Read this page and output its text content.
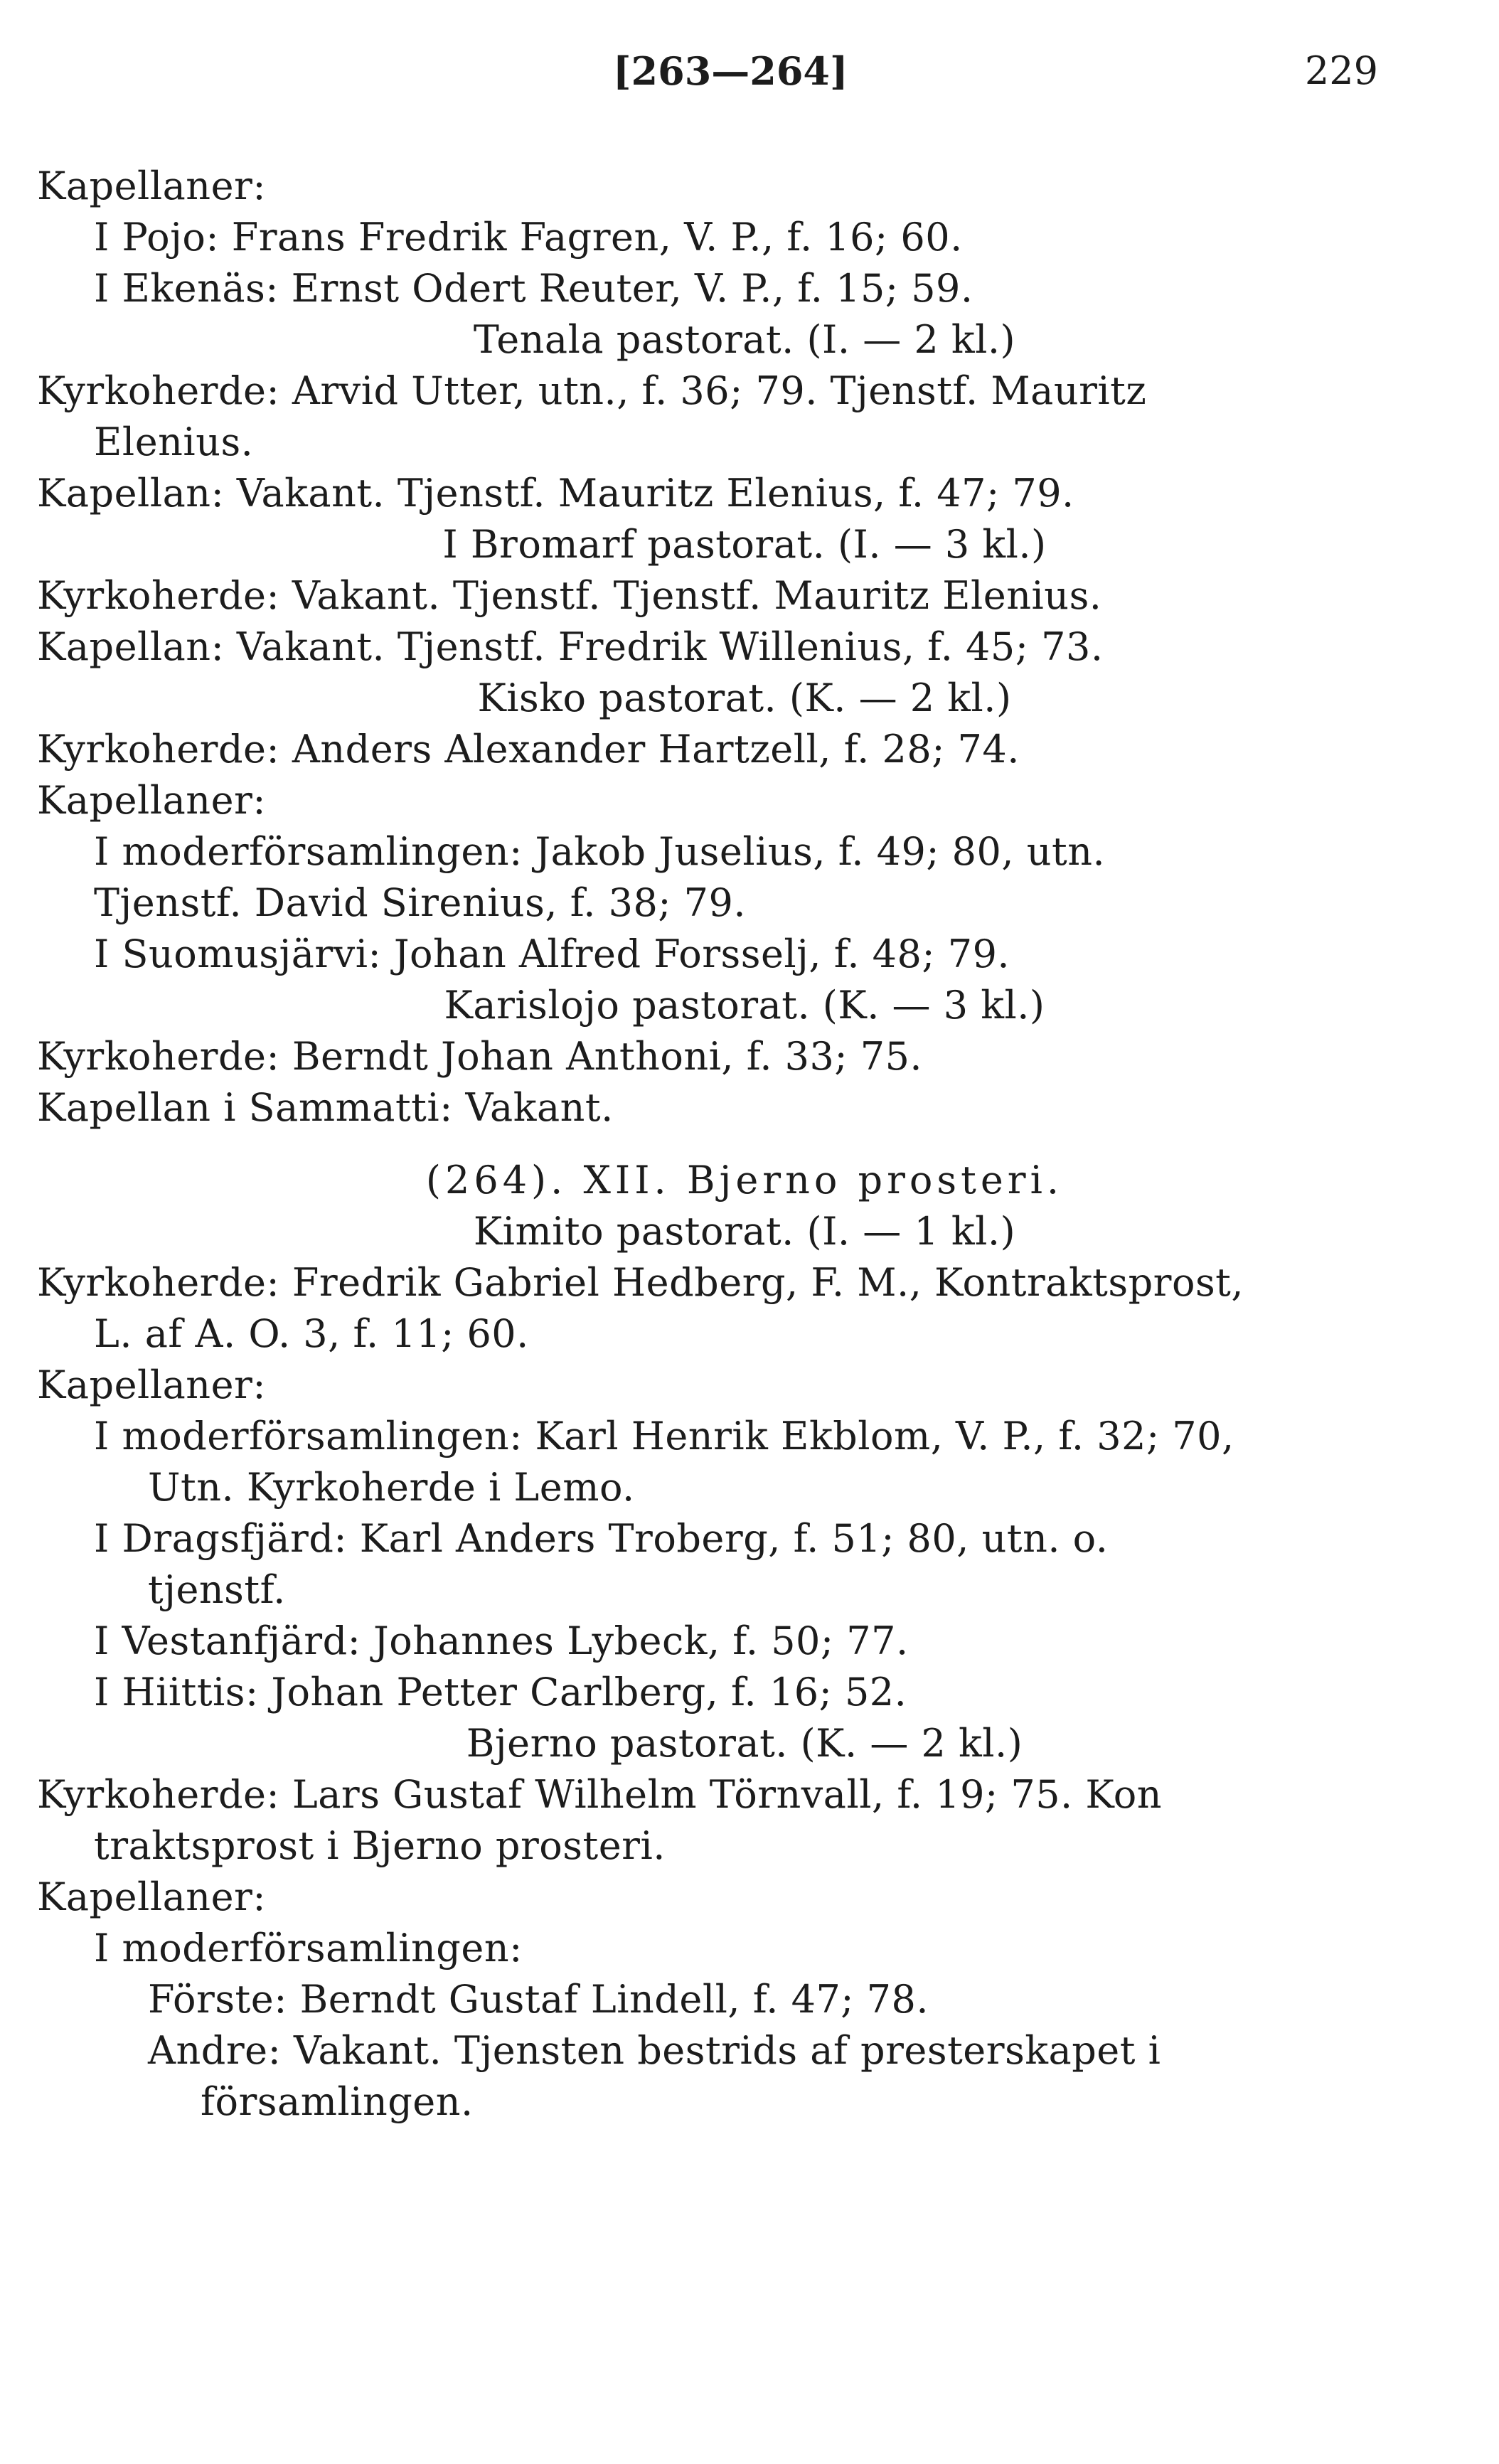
[263—264]	229
Kapellaner:
I Pojo: Frans Fredrik Fagren, V. P., f. 16; 60.
I Ekenäs: Ernst Odert Reuter, V. P., f. 15; 59.
Tenala pastorat. (I. — 2 kl.)
Kyrkoherde: Arvid Utter, utn., f. 36; 79. Tjenstf. Mauritz
Elenius.
Kapellan: Vakant. Tjenstf. Mauritz Elenius, f. 47; 79.
I Bromarf pastorat. (I. — 3 kl.)
Kyrkoherde: Vakant. Tjenstf. Tjenstf. Mauritz Elenius.
Kapellan: Vakant. Tjenstf. Fredrik Willenius, f. 45; 73.
Kisko pastorat. (K. — 2 kl.)
Kyrkoherde: Anders Alexander Hartzell, f. 28; 74.
Kapellaner:
I moderförsamlingen: Jakob Juselius, f. 49; 80, utn.
Tjenstf. David Sirenius, f. 38; 79.
I Suomusjärvi: Johan Alfred Forsselj, f. 48; 79.
Karislojo pastorat. (K. — 3 kl.)
Kyrkoherde: Berndt Johan Anthoni, f. 33; 75.
Kapellan i Sammatti: Vakant.
(264). XII. Bjerno prosteri.
Kimito pastorat. (I. — 1 kl.)
Kyrkoherde: Fredrik Gabriel Hedberg, F. M., Kontraktsprost,
L. af A. O. 3, f. 11; 60.
Kapellaner:
I moderförsamlingen: Karl Henrik Ekblom, V. P., f. 32; 70,
Utn. Kyrkoherde i Lemo.
I Dragsfjärd: Karl Anders Troberg, f. 51; 80, utn. o.
tjenstf.
I Vestanfjärd: Johannes Lybeck, f. 50; 77.
I Hiittis: Johan Petter Carlberg, f. 16; 52.
Bjerno pastorat. (K. — 2 kl.)
Kyrkoherde: Lars Gustaf Wilhelm Törnvall, f. 19; 75. Kon
traktsprost i Bjerno prosteri.
Kapellaner:
I moderförsamlingen:
Förste: Berndt Gustaf Lindell, f. 47; 78.
Andre: Vakant. Tjensten bestrids af presterskapet i
församlingen.
